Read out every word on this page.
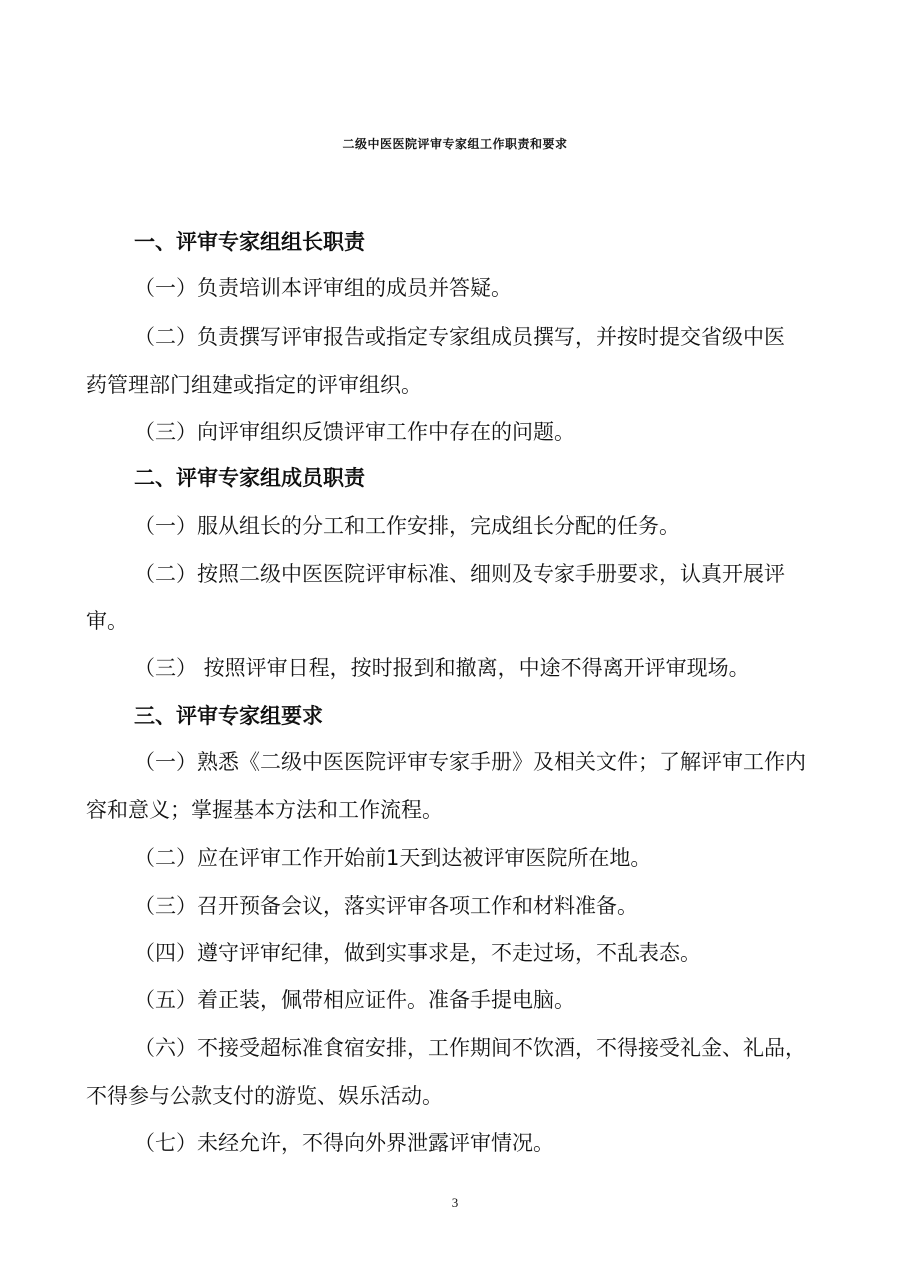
二级中医医院评审专家组工作职责和要求
一、评审专家组组长职责
（一）负责培训本评审组的成员并答疑。
（二）负责撰写评审报告或指定专家组成员撰写，并按时提交省级中医
药管理部门组建或指定的评审组织。
（三）向评审组织反馈评审工作中存在的问题。
二、评审专家组成员职责
（一）服从组长的分工和工作安排，完成组长分配的任务。
（二）按照二级中医医院评审标准、细则及专家手册要求，认真开展评
审。
（三） 按照评审日程，按时报到和撤离，中途不得离开评审现场。
三、评审专家组要求
（一）熟悉《二级中医医院评审专家手册》及相关文件；了解评审工作内
容和意义；掌握基本方法和工作流程。
（二）应在评审工作开始前1天到达被评审医院所在地。
（三）召开预备会议，落实评审各项工作和材料准备。
（四）遵守评审纪律，做到实事求是，不走过场，不乱表态。
（五）着正装，佩带相应证件。准备手提电脑。
（六）不接受超标准食宿安排，工作期间不饮酒，不得接受礼金、礼品，
不得参与公款支付的游览、娱乐活动。
（七）未经允许，不得向外界泄露评审情况。
3
